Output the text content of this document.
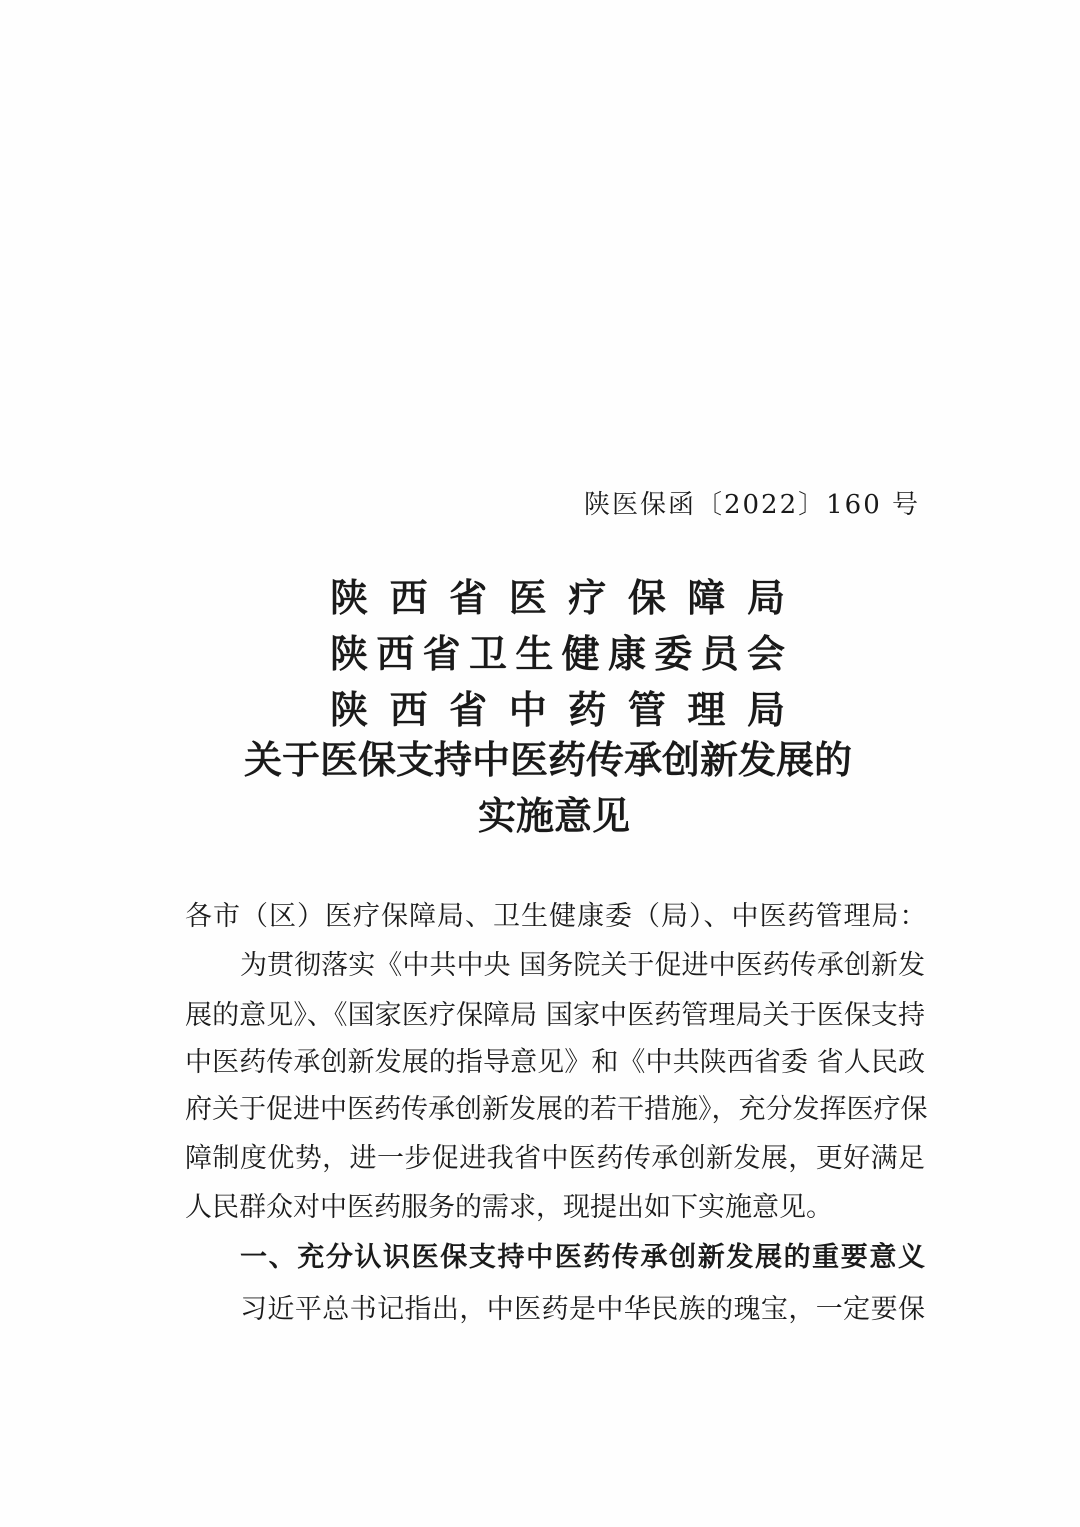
陕医保函〔2022〕160 号
陕 西 省 医 疗 保 障 局
陕 西 省 卫 生 健 康 委 员 会
陕 西 省 中 药 管 理 局
关于医保支持中医药传承创新发展的
实施意见
各市（区）医疗保障局、卫生健康委（局）、中医药管理局：
为贯彻落实《中共中央 国务院关于促进中医药传承创新发
展的意见》、《国家医疗保障局 国家中医药管理局关于医保支持
中医药传承创新发展的指导意见》和《中共陕西省委 省人民政
府关于促进中医药传承创新发展的若干措施》，充分发挥医疗保
障制度优势，进一步促进我省中医药传承创新发展，更好满足
人民群众对中医药服务的需求，现提出如下实施意见。
一、充分认识医保支持中医药传承创新发展的重要意义
习近平总书记指出，中医药是中华民族的瑰宝，一定要保
